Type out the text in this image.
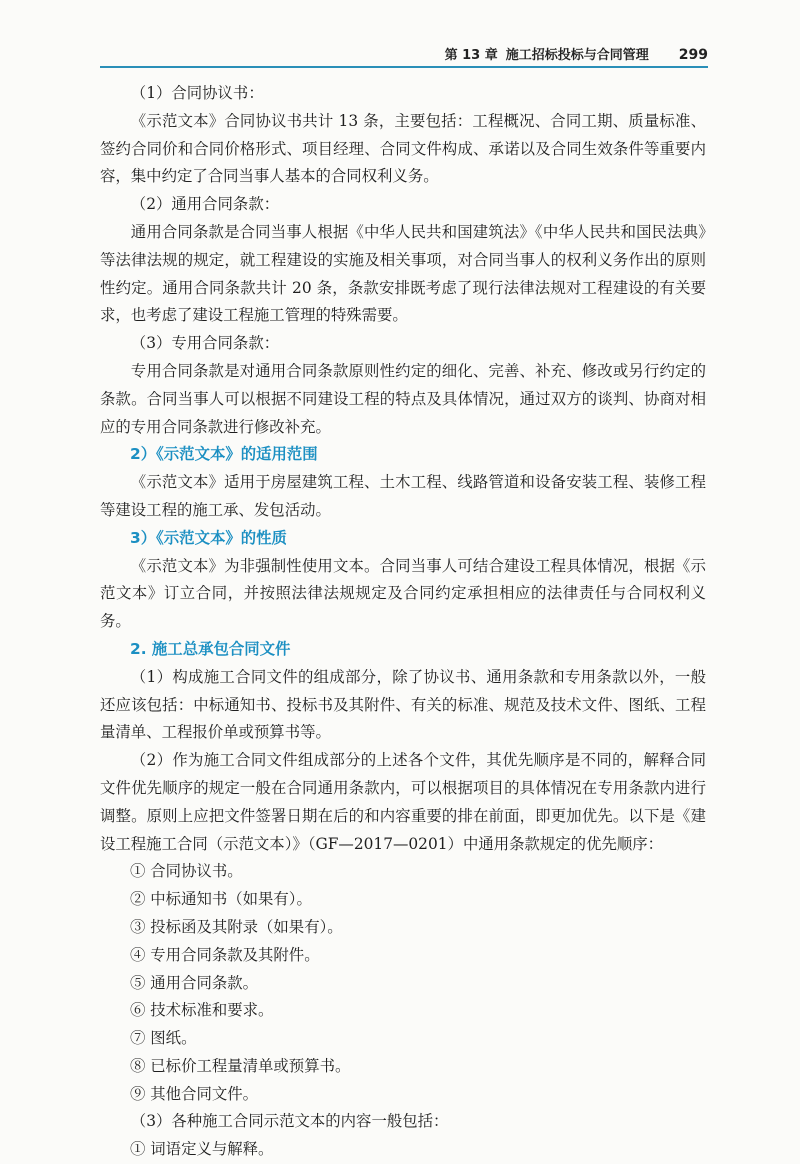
第 13 章 施工招标投标与合同管理 299

（1）合同协议书：

《示范文本》合同协议书共计 13 条，主要包括：工程概况、合同工期、质量标准、签约合同价和合同价格形式、项目经理、合同文件构成、承诺以及合同生效条件等重要内容，集中约定了合同当事人基本的合同权利义务。

（2）通用合同条款：

通用合同条款是合同当事人根据《中华人民共和国建筑法》《中华人民共和国民法典》等法律法规的规定，就工程建设的实施及相关事项，对合同当事人的权利义务作出的原则性约定。通用合同条款共计 20 条，条款安排既考虑了现行法律法规对工程建设的有关要求，也考虑了建设工程施工管理的特殊需要。

（3）专用合同条款：

专用合同条款是对通用合同条款原则性约定的细化、完善、补充、修改或另行约定的条款。合同当事人可以根据不同建设工程的特点及具体情况，通过双方的谈判、协商对相应的专用合同条款进行修改补充。

2）《示范文本》的适用范围

《示范文本》适用于房屋建筑工程、土木工程、线路管道和设备安装工程、装修工程等建设工程的施工承、发包活动。

3）《示范文本》的性质

《示范文本》为非强制性使用文本。合同当事人可结合建设工程具体情况，根据《示范文本》订立合同，并按照法律法规规定及合同约定承担相应的法律责任与合同权利义务。

2. 施工总承包合同文件

（1）构成施工合同文件的组成部分，除了协议书、通用条款和专用条款以外，一般还应该包括：中标通知书、投标书及其附件、有关的标准、规范及技术文件、图纸、工程量清单、工程报价单或预算书等。

（2）作为施工合同文件组成部分的上述各个文件，其优先顺序是不同的，解释合同文件优先顺序的规定一般在合同通用条款内，可以根据项目的具体情况在专用条款内进行调整。原则上应把文件签署日期在后的和内容重要的排在前面，即更加优先。以下是《建设工程施工合同（示范文本）》（GF—2017—0201）中通用条款规定的优先顺序：

① 合同协议书。

② 中标通知书（如果有）。

③ 投标函及其附录（如果有）。

④ 专用合同条款及其附件。

⑤ 通用合同条款。

⑥ 技术标准和要求。

⑦ 图纸。

⑧ 已标价工程量清单或预算书。

⑨ 其他合同文件。

（3）各种施工合同示范文本的内容一般包括：

① 词语定义与解释。
